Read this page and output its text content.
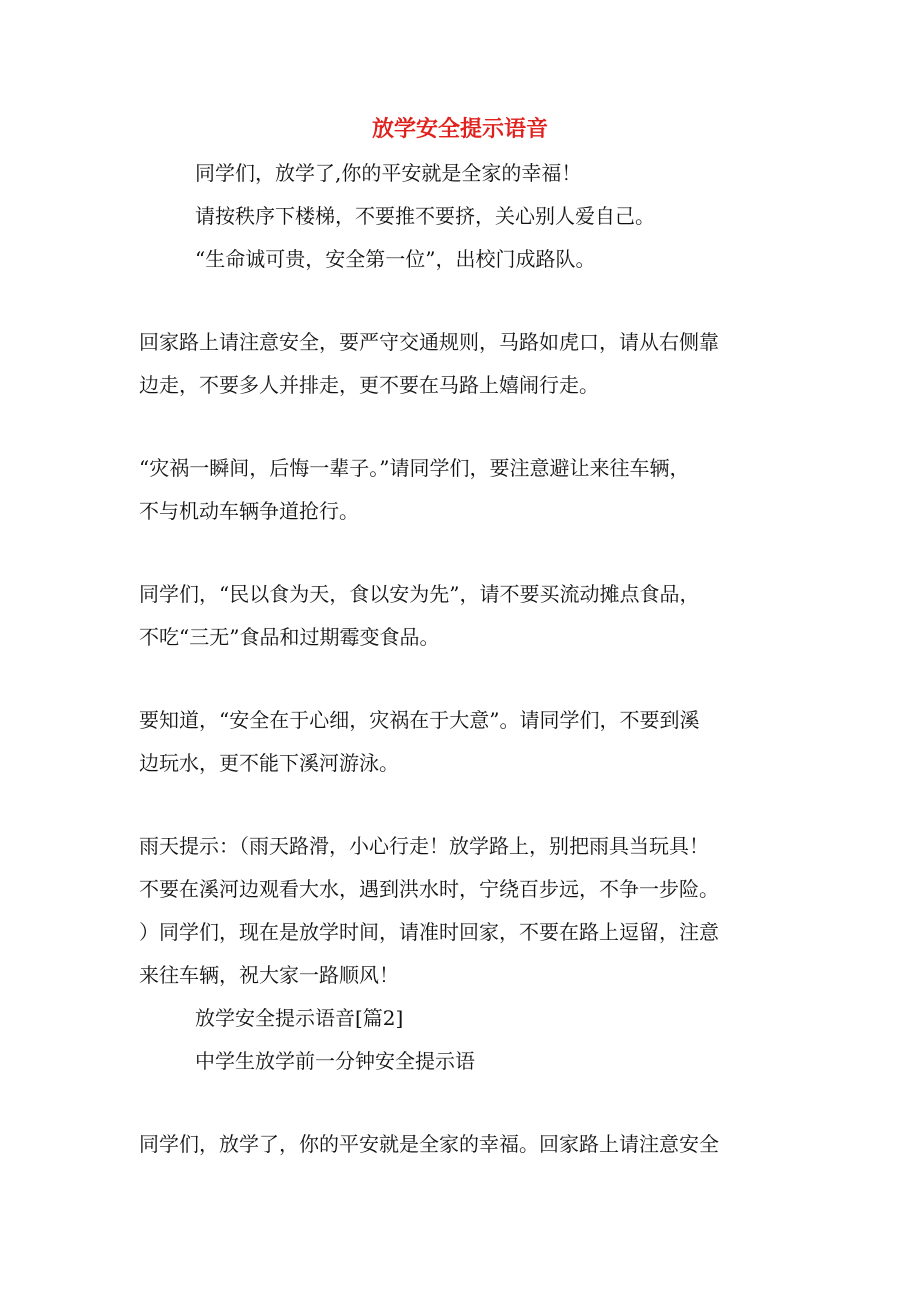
放学安全提示语音
同学们，放学了,你的平安就是全家的幸福！
请按秩序下楼梯，不要推不要挤，关心别人爱自己。
“生命诚可贵，安全第一位”，出校门成路队。
回家路上请注意安全，要严守交通规则，马路如虎口，请从右侧靠
边走，不要多人并排走，更不要在马路上嬉闹行走。
“灾祸一瞬间，后悔一辈子。”请同学们，要注意避让来往车辆，
不与机动车辆争道抢行。
同学们，“民以食为天，食以安为先”，请不要买流动摊点食品，
不吃“三无”食品和过期霉变食品。
要知道，“安全在于心细，灾祸在于大意”。请同学们，不要到溪
边玩水，更不能下溪河游泳。
雨天提示：（雨天路滑，小心行走！放学路上，别把雨具当玩具！
不要在溪河边观看大水，遇到洪水时，宁绕百步远，不争一步险。
）同学们，现在是放学时间，请准时回家，不要在路上逗留，注意
来往车辆，祝大家一路顺风！
放学安全提示语音[篇2]
中学生放学前一分钟安全提示语
同学们，放学了，你的平安就是全家的幸福。回家路上请注意安全
